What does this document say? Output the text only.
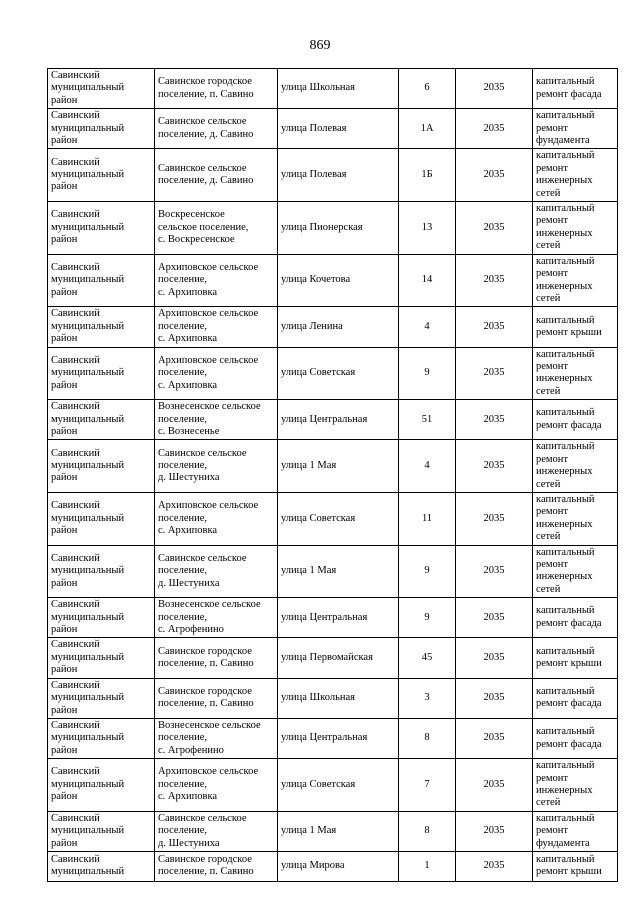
869
Савинский
муниципальный
район	Савинское городское
поселение, п. Савино	улица Школьная	6	2035	капитальный
ремонт фасада

Савинский
муниципальный
район	Савинское сельское
поселение, д. Савино	улица Полевая	1А	2035	капитальный
ремонт
фундамента

Савинский
муниципальный
район	Савинское сельское
поселение, д. Савино	улица Полевая	1Б	2035	капитальный
ремонт
инженерных
сетей

Савинский
муниципальный
район	Воскресенское
сельское поселение,
с. Воскресенское	улица Пионерская	13	2035	капитальный
ремонт
инженерных
сетей

Савинский
муниципальный
район	Архиповское сельское
поселение,
с. Архиповка	улица Кочетова	14	2035	капитальный
ремонт
инженерных
сетей

Савинский
муниципальный
район	Архиповское сельское
поселение,
с. Архиповка	улица Ленина	4	2035	капитальный
ремонт крыши

Савинский
муниципальный
район	Архиповское сельское
поселение,
с. Архиповка	улица Советская	9	2035	капитальный
ремонт
инженерных
сетей

Савинский
муниципальный
район	Вознесенское сельское
поселение,
с. Вознесенье	улица Центральная	51	2035	капитальный
ремонт фасада

Савинский
муниципальный
район	Савинское сельское
поселение,
д. Шестуниха	улица 1 Мая	4	2035	капитальный
ремонт
инженерных
сетей

Савинский
муниципальный
район	Архиповское сельское
поселение,
с. Архиповка	улица Советская	11	2035	капитальный
ремонт
инженерных
сетей

Савинский
муниципальный
район	Савинское сельское
поселение,
д. Шестуниха	улица 1 Мая	9	2035	капитальный
ремонт
инженерных
сетей

Савинский
муниципальный
район	Вознесенское сельское
поселение,
с. Агрофенино	улица Центральная	9	2035	капитальный
ремонт фасада

Савинский
муниципальный
район	Савинское городское
поселение, п. Савино	улица Первомайская	45	2035	капитальный
ремонт крыши

Савинский
муниципальный
район	Савинское городское
поселение, п. Савино	улица Школьная	3	2035	капитальный
ремонт фасада

Савинский
муниципальный
район	Вознесенское сельское
поселение,
с. Агрофенино	улица Центральная	8	2035	капитальный
ремонт фасада

Савинский
муниципальный
район	Архиповское сельское
поселение,
с. Архиповка	улица Советская	7	2035	капитальный
ремонт
инженерных
сетей

Савинский
муниципальный
район	Савинское сельское
поселение,
д. Шестуниха	улица 1 Мая	8	2035	капитальный
ремонт
фундамента

Савинский
муниципальный	Савинское городское
поселение, п. Савино	улица Мирова	1	2035	капитальный
ремонт крыши
